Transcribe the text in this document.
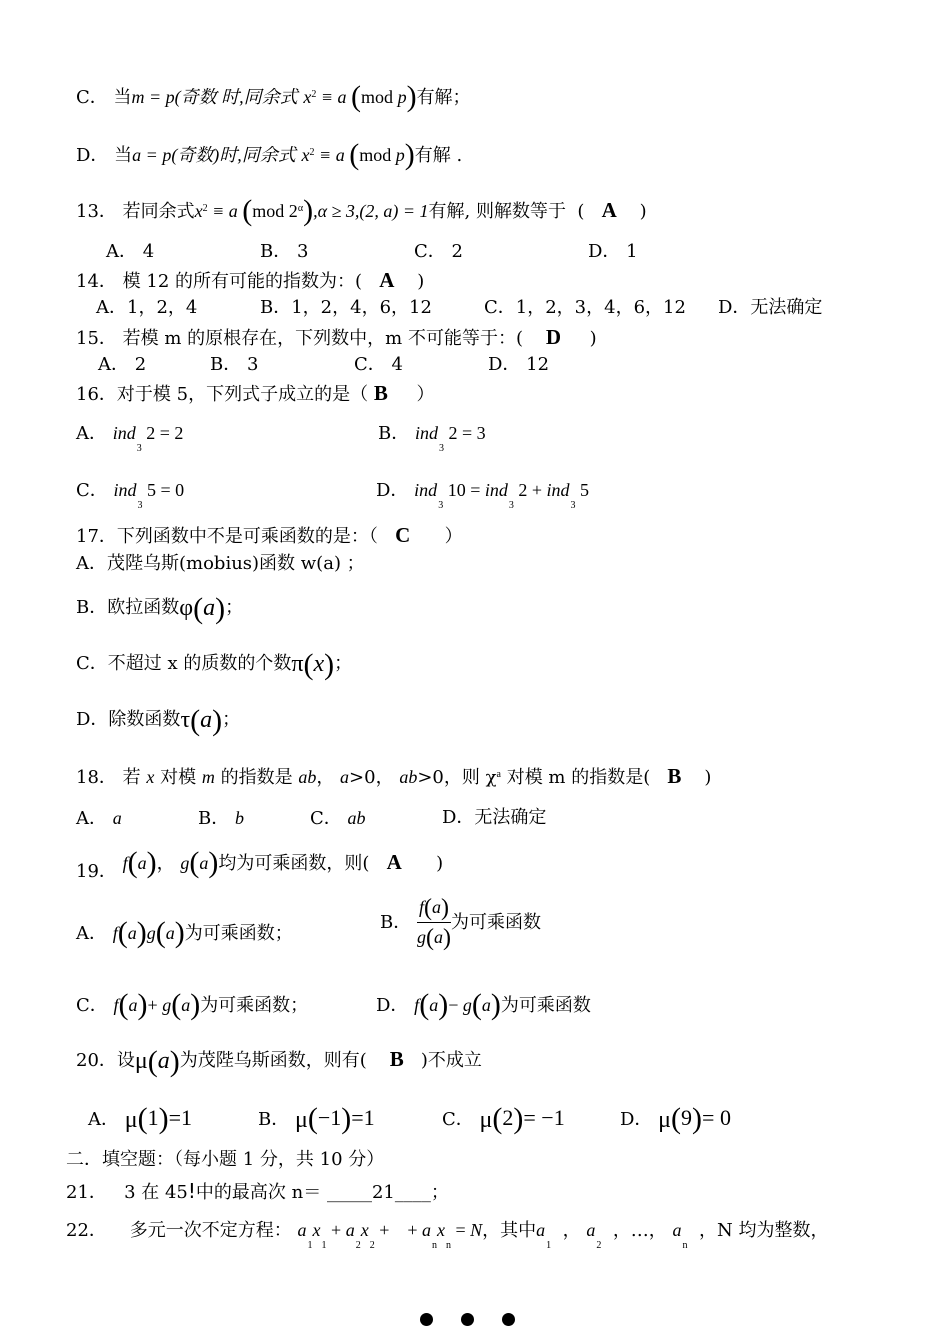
C． 当m = p(奇数 时,同余式 $x^2 \equiv a$ (mod p)有解；
D． 当a = p(奇数)时,同余式 $x^2 \equiv a$ (mod p)有解 .
13． 若同余式$x^2 \equiv a$ (mod $2^\alpha),\alpha \ge 3,(2$, a) = 1有解, 则解数等于  (   A    )
A． 4	B． 3	C． 2	D． 1
14． 模 12 的所有可能的指数为：( A )
A．1，2，4	B．1，2，4，6，12	C．1，2，3，4，6，12 D．无法确定
15． 若模 m 的原根存在，下列数中，m 不可能等于：( D )
A． 2	B． 3	C． 4	D． 12
16．对于模 5，下列式子成立的是（ B ）
A． ind$_3$ 2 = 2	B． ind$_3$ 2 = 3
C． ind$_3$ 5 = 0	D． ind$_3$ 10 = ind$_3$ 2 + ind$_3$ 5
17．下列函数中不是可乘函数的是：（ C ）
A．茂陛乌斯(mobius)函数 w(a) ；
B．欧拉函数φ(a)；
C．不超过 x 的质数的个数π(x)；
D．除数函数τ(a)；
18． 若 x 对模 m 的指数是 ab， a>0， ab>0，则 $\chi^a$ 对模 m 的指数是( B )
A． a	B． b	C． ab	D．无法确定
19． f(a)， g(a)均为可乘函数，则( A )
A． f(a)g(a)为可乘函数；
B． $\frac{f(a)}{g(a)}$ 为可乘函数
C． f(a)+ g(a)为可乘函数；	D． f(a)− g(a)为可乘函数
20．设μ(a)为茂陛乌斯函数，则有( B )不成立
A． μ(1)=1	B． μ(−1)=1	C． μ(2)= −1	D． μ(9)= 0
二．填空题：（每小题 1 分，共 10 分）
21． 3 在 45!中的最高次 n＝ _____21____；
22． 多元一次不定方程： $a_1x_1 + a_2x_2$ + + $a_nx_n = N$，其中$a_1$  ， $a_2$  ，…， $a_n$  ，N 均为整数，
